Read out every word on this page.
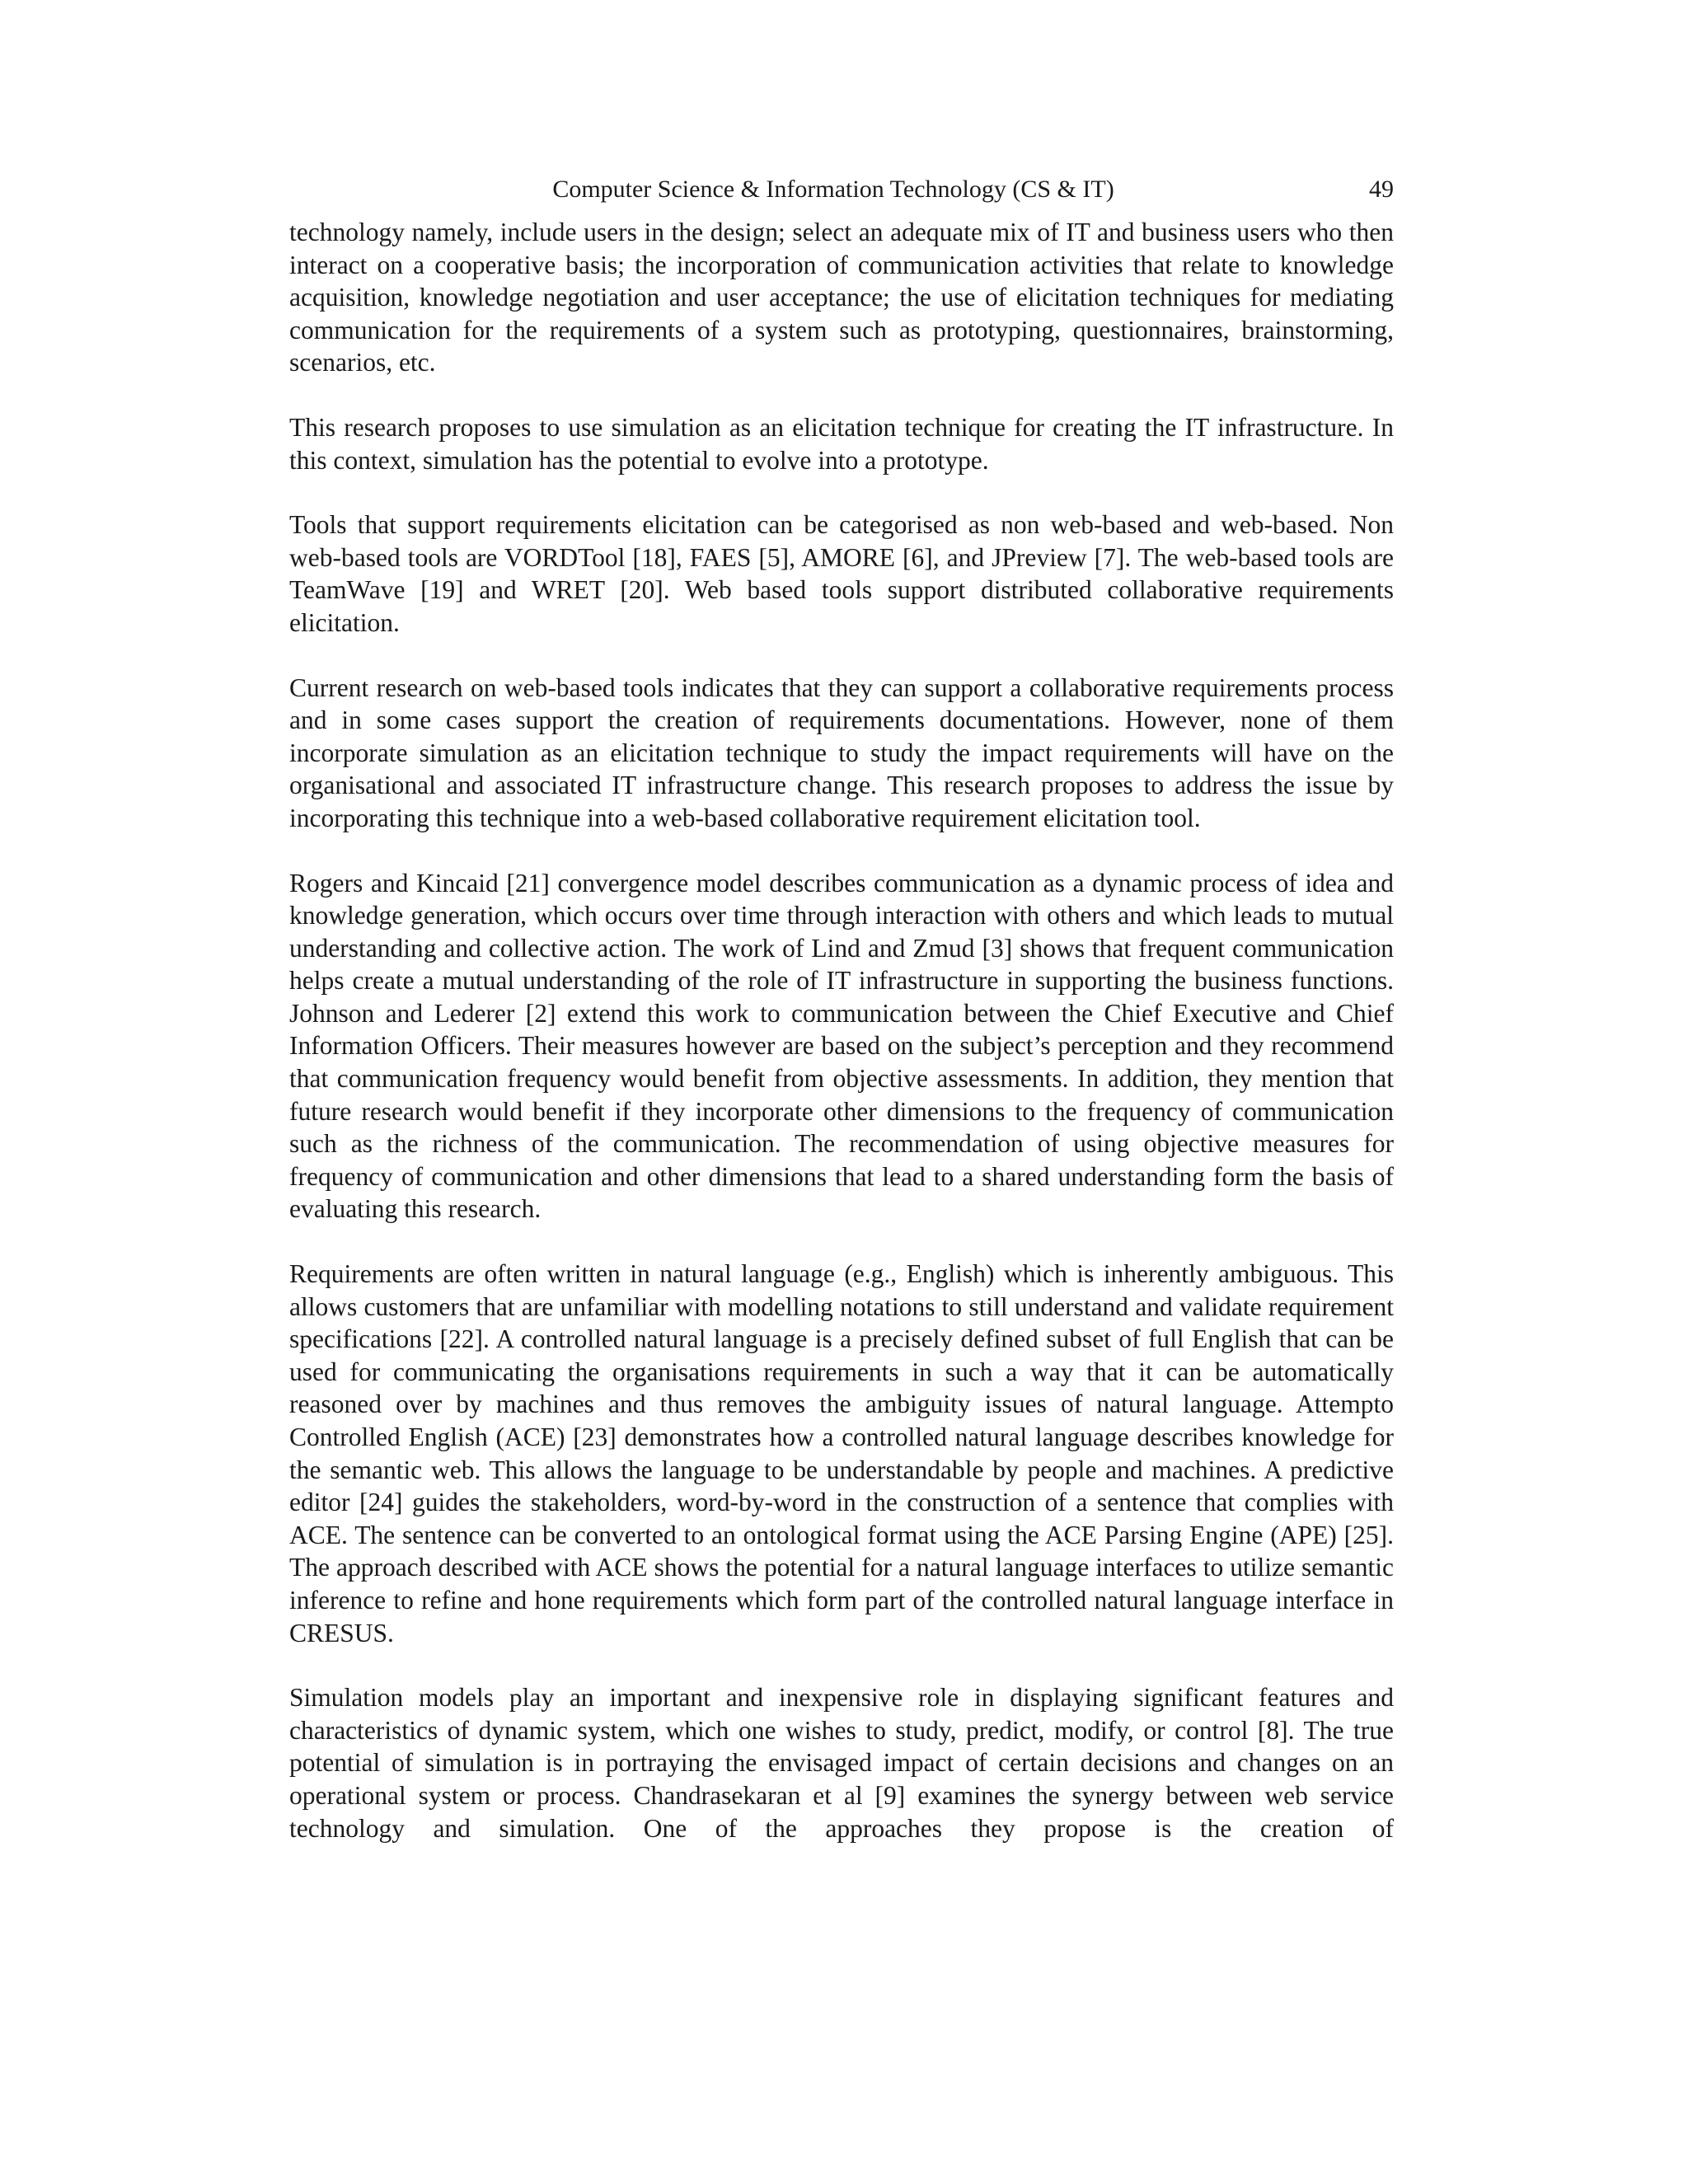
Computer Science & Information Technology (CS & IT)	49

technology namely, include users in the design; select an adequate mix of IT and business users who then interact on a cooperative basis; the incorporation of communication activities that relate to knowledge acquisition, knowledge negotiation and user acceptance; the use of elicitation techniques for mediating communication for the requirements of a system such as prototyping, questionnaires, brainstorming, scenarios, etc.

This research proposes to use simulation as an elicitation technique for creating the IT infrastructure. In this context, simulation has the potential to evolve into a prototype.

Tools that support requirements elicitation can be categorised as non web-based and web-based. Non web-based tools are VORDTool [18], FAES [5], AMORE [6], and JPreview [7]. The web-based tools are TeamWave [19] and WRET [20]. Web based tools support distributed collaborative requirements elicitation.

Current research on web-based tools indicates that they can support a collaborative requirements process and in some cases support the creation of requirements documentations. However, none of them incorporate simulation as an elicitation technique to study the impact requirements will have on the organisational and associated IT infrastructure change. This research proposes to address the issue by incorporating this technique into a web-based collaborative requirement elicitation tool.

Rogers and Kincaid [21] convergence model describes communication as a dynamic process of idea and knowledge generation, which occurs over time through interaction with others and which leads to mutual understanding and collective action. The work of Lind and Zmud [3] shows that frequent communication helps create a mutual understanding of the role of IT infrastructure in supporting the business functions. Johnson and Lederer [2] extend this work to communication between the Chief Executive and Chief Information Officers. Their measures however are based on the subject’s perception and they recommend that communication frequency would benefit from objective assessments. In addition, they mention that future research would benefit if they incorporate other dimensions to the frequency of communication such as the richness of the communication. The recommendation of using objective measures for frequency of communication and other dimensions that lead to a shared understanding form the basis of evaluating this research.

Requirements are often written in natural language (e.g., English) which is inherently ambiguous. This allows customers that are unfamiliar with modelling notations to still understand and validate requirement specifications [22]. A controlled natural language is a precisely defined subset of full English that can be used for communicating the organisations requirements in such a way that it can be automatically reasoned over by machines and thus removes the ambiguity issues of natural language. Attempto Controlled English (ACE) [23] demonstrates how a controlled natural language describes knowledge for the semantic web. This allows the language to be understandable by people and machines. A predictive editor [24] guides the stakeholders, word-by-word in the construction of a sentence that complies with ACE. The sentence can be converted to an ontological format using the ACE Parsing Engine (APE) [25]. The approach described with ACE shows the potential for a natural language interfaces to utilize semantic inference to refine and hone requirements which form part of the controlled natural language interface in CRESUS.

Simulation models play an important and inexpensive role in displaying significant features and characteristics of dynamic system, which one wishes to study, predict, modify, or control [8]. The true potential of simulation is in portraying the envisaged impact of certain decisions and changes on an operational system or process. Chandrasekaran et al [9] examines the synergy between web service technology and simulation. One of the approaches they propose is the creation of
